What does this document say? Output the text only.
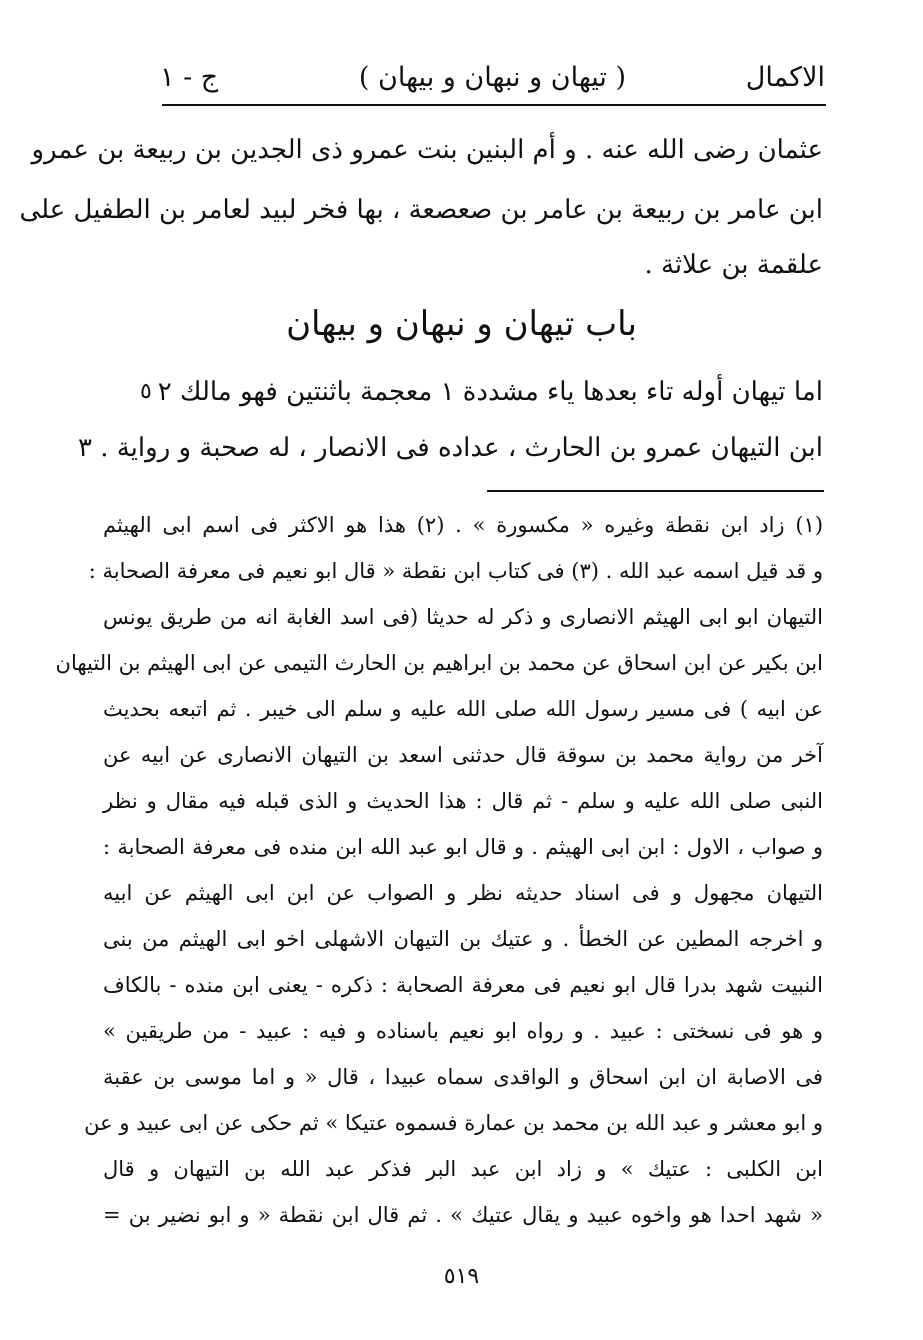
الاكمال
( تيهان و نبهان و بيهان )
ج - ١
عثمان رضى الله عنه . و أم البنين بنت عمرو ذى الجدين بن ربيعة بن عمرو
ابن عامر بن ربيعة بن عامر بن صعصعة ، بها فخر لبيد لعامر بن الطفيل على
علقمة بن علاثة .
باب تيهان و نبهان و بيهان
اما تيهان أوله تاء بعدها ياء مشددة ١ معجمة باثنتين فهو مالك ٢
٥
ابن التيهان عمرو بن الحارث ، عداده فى الانصار ، له صحبة و رواية . ٣
(١) زاد ابن نقطة وغيره « مكسورة » . (٢) هذا هو الاكثر فى اسم ابى الهيثم
و قد قيل اسمه عبد الله . (٣) فى كتاب ابن نقطة « قال ابو نعيم فى معرفة الصحابة :
التيهان ابو ابى الهيثم الانصارى و ذكر له حديثا (فى اسد الغابة انه من طريق يونس
ابن بكير عن ابن اسحاق عن محمد بن ابراهيم بن الحارث التيمى عن ابى الهيثم بن التيهان
عن ابيه ) فى مسير رسول الله صلى الله عليه و سلم الى خيبر . ثم اتبعه بحديث
آخر من رواية محمد بن سوقة قال حدثنى اسعد بن التيهان الانصارى عن ابيه عن
النبى صلى الله عليه و سلم - ثم قال : هذا الحديث و الذى قبله فيه مقال و نظر
و صواب ، الاول : ابن ابى الهيثم . و قال ابو عبد الله ابن منده فى معرفة الصحابة :
التيهان مجهول و فى اسناد حديثه نظر و الصواب عن ابن ابى الهيثم عن ابيه
و اخرجه المطين عن الخطأ . و عتيك بن التيهان الاشهلى اخو ابى الهيثم من بنى
النبيت شهد بدرا قال ابو نعيم فى معرفة الصحابة : ذكره - يعنى ابن منده - بالكاف
و هو فى نسختى : عبيد . و رواه ابو نعيم باسناده و فيه : عبيد - من طريقين »
فى الاصابة ان ابن اسحاق و الواقدى سماه عبيدا ، قال « و اما موسى بن عقبة
و ابو معشر و عبد الله بن محمد بن عمارة فسموه عتيكا » ثم حكى عن ابى عبيد و عن
ابن الكلبى : عتيك » و زاد ابن عبد البر فذكر عبد الله بن التيهان و قال
« شهد احدا هو واخوه عبيد و يقال عتيك » . ثم قال ابن نقطة « و ابو نضير بن =
٥١٩
